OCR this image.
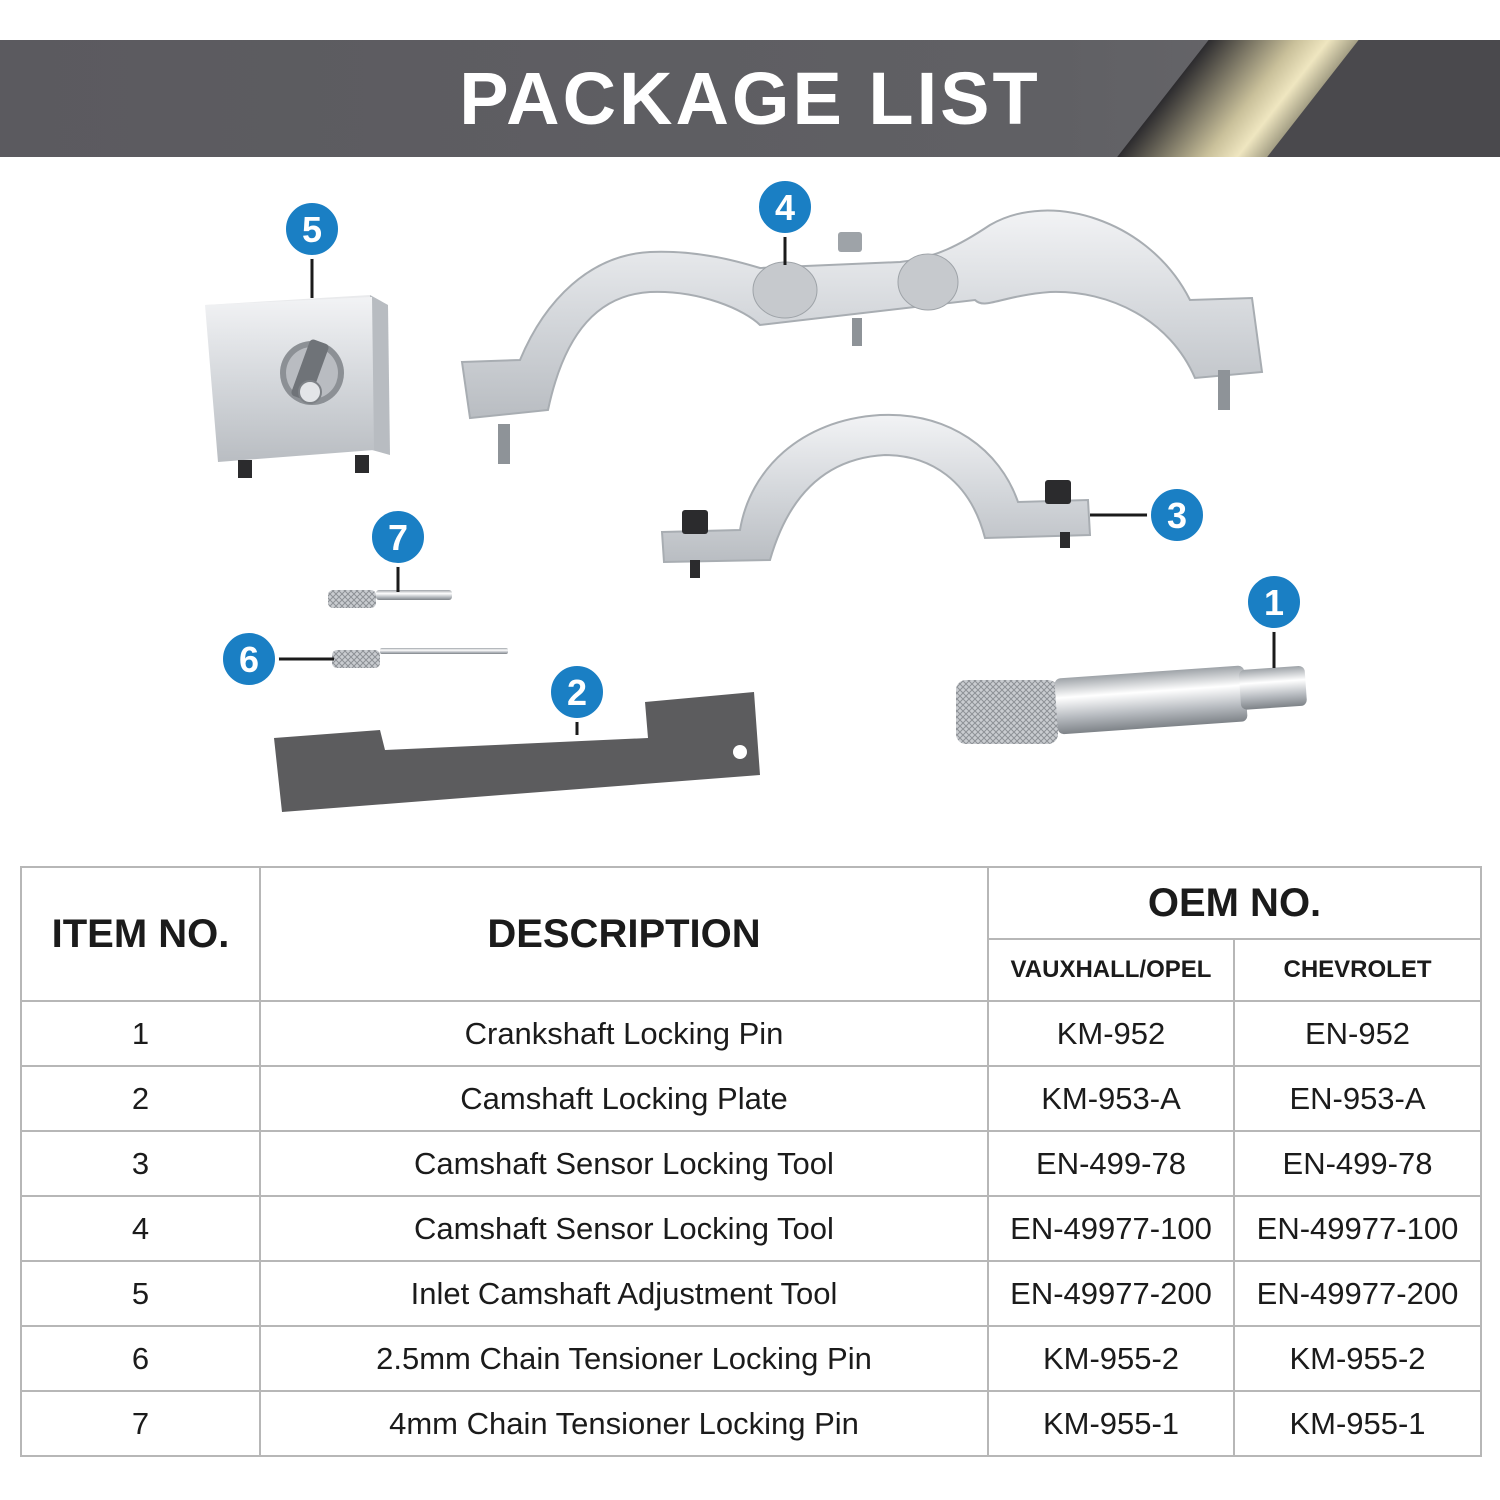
PACKAGE LIST
5
4
3
7
6
2
1
ITEM NO.	DESCRIPTION	OEM NO.	
		VAUXHALL/OPEL	CHEVROLET
1	Crankshaft Locking Pin	KM-952	EN-952
2	Camshaft Locking Plate	KM-953-A	EN-953-A
3	Camshaft Sensor Locking Tool	EN-499-78	EN-499-78
4	Camshaft Sensor Locking Tool	EN-49977-100	EN-49977-100
5	Inlet Camshaft Adjustment Tool	EN-49977-200	EN-49977-200
6	2.5mm Chain Tensioner Locking Pin	KM-955-2	KM-955-2
7	4mm Chain Tensioner Locking Pin	KM-955-1	KM-955-1
